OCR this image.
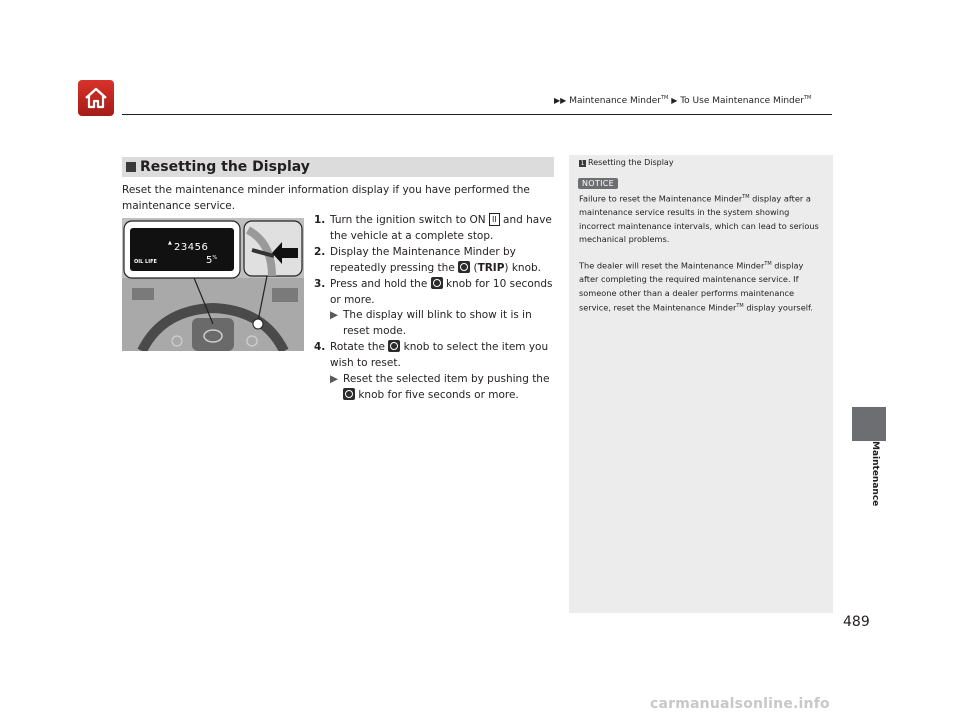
▶▶ Maintenance Minder™ ▶ To Use Maintenance Minder™
Resetting the Display
Reset the maintenance minder information display if you have performed the maintenance service.
23456
▲
OIL LIFE	5%
1. Turn the ignition switch to ON II and have the vehicle at a complete stop.
2. Display the Maintenance Minder by repeatedly pressing the  (TRIP) knob.
3. Press and hold the  knob for 10 seconds or more.
▶ The display will blink to show it is in reset mode.
4. Rotate the  knob to select the item you wish to reset.
▶ Reset the selected item by pushing the  knob for five seconds or more.
1 Resetting the Display
NOTICE
Failure to reset the Maintenance Minder™ display after a maintenance service results in the system showing incorrect maintenance intervals, which can lead to serious mechanical problems.
The dealer will reset the Maintenance Minder™ display after completing the required maintenance service. If someone other than a dealer performs maintenance service, reset the Maintenance Minder™ display yourself.
Maintenance
489
carmanualsonline.info
